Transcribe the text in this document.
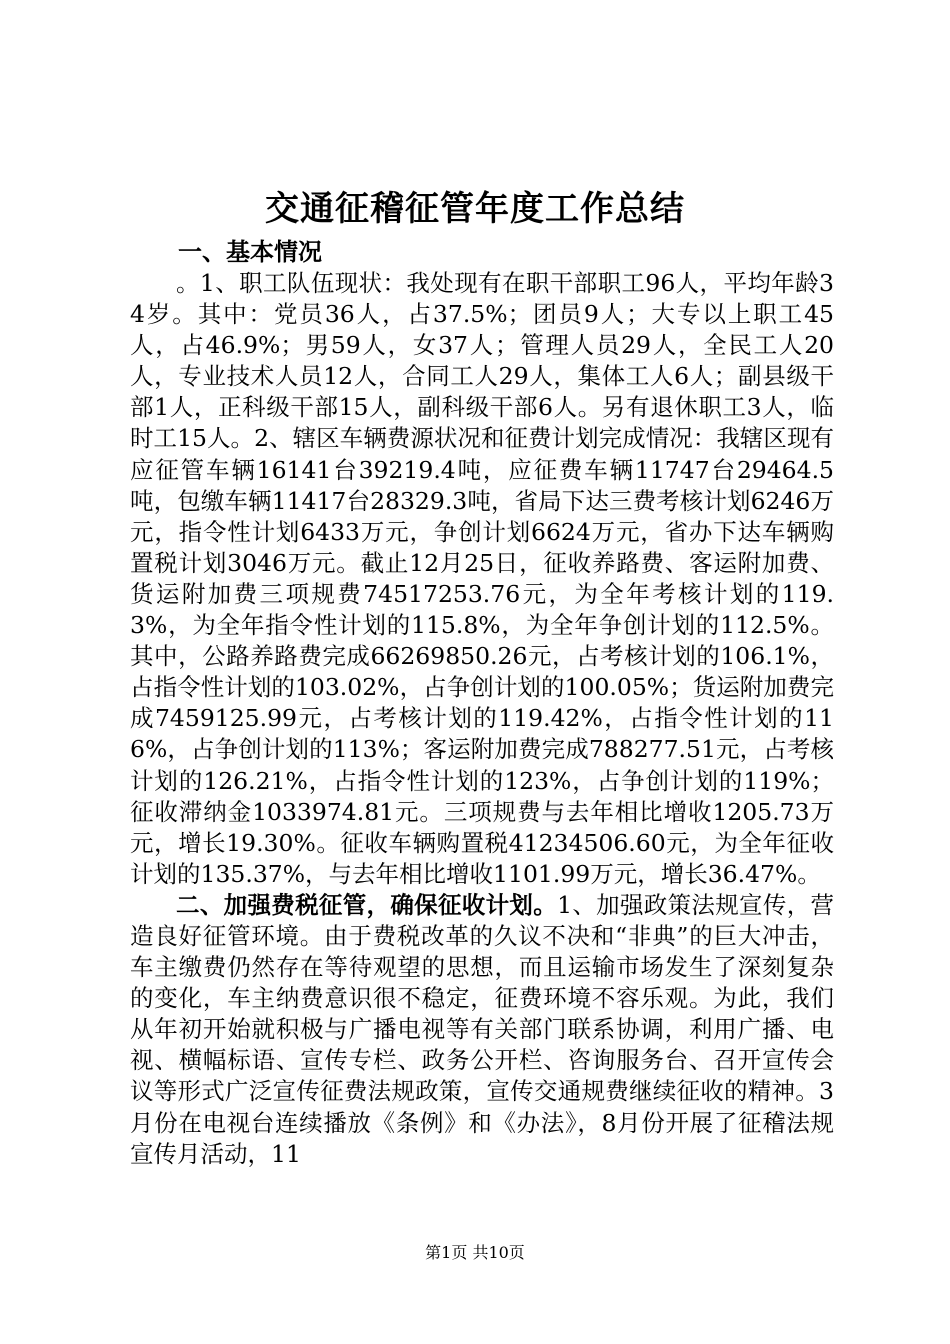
交通征稽征管年度工作总结
一、基本情况

。1、职工队伍现状：我处现有在职干部职工96人，平均年龄34岁。其中：党员36人，占37.5%；团员9人；大专以上职工45人，占46.9%；男59人，女37人；管理人员29人，全民工人20人，专业技术人员12人，合同工人29人，集体工人6人；副县级干部1人，正科级干部15人，副科级干部6人。另有退休职工3人，临时工15人。2、辖区车辆费源状况和征费计划完成情况：我辖区现有应征管车辆16141台39219.4吨，应征费车辆11747台29464.5吨，包缴车辆11417台28329.3吨，省局下达三费考核计划6246万元，指令性计划6433万元，争创计划6624万元，省办下达车辆购置税计划3046万元。截止12月25日，征收养路费、客运附加费、货运附加费三项规费74517253.76元，为全年考核计划的119.3%，为全年指令性计划的115.8%，为全年争创计划的112.5%。其中，公路养路费完成66269850.26元，占考核计划的106.1%，占指令性计划的103.02%，占争创计划的100.05%；货运附加费完成7459125.99元，占考核计划的119.42%，占指令性计划的116%，占争创计划的113%；客运附加费完成788277.51元，占考核计划的126.21%，占指令性计划的123%，占争创计划的119%；征收滞纳金1033974.81元。三项规费与去年相比增收1205.73万元，增长19.30%。征收车辆购置税41234506.60元，为全年征收计划的135.37%，与去年相比增收1101.99万元，增长36.47%。

二、加强费税征管，确保征收计划。1、加强政策法规宣传，营造良好征管环境。由于费税改革的久议不决和“非典”的巨大冲击，车主缴费仍然存在等待观望的思想，而且运输市场发生了深刻复杂的变化，车主纳费意识很不稳定，征费环境不容乐观。为此，我们从年初开始就积极与广播电视等有关部门联系协调，利用广播、电视、横幅标语、宣传专栏、政务公开栏、咨询服务台、召开宣传会议等形式广泛宣传征费法规政策，宣传交通规费继续征收的精神。3月份在电视台连续播放《条例》和《办法》，8月份开展了征稽法规宣传月活动，11

第1页 共10页
